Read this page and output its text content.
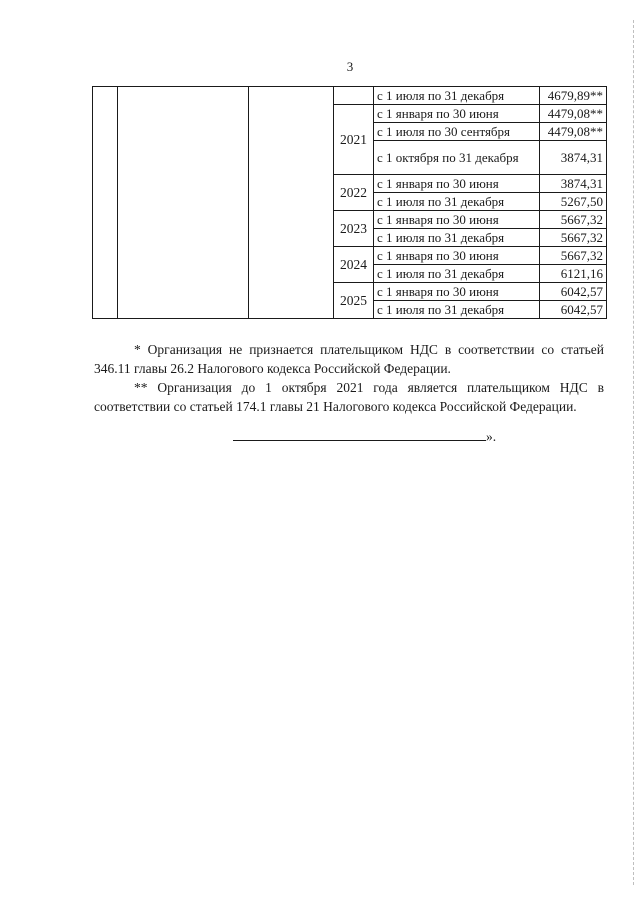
3
				с 1 июля по 31 декабря	4679,89**
			2021	с 1 января по 30 июня	4479,08**
				с 1 июля по 30 сентября	4479,08**
				с 1 октября по 31 декабря	3874,31
			2022	с 1 января по 30 июня	3874,31
				с 1 июля по 31 декабря	5267,50
			2023	с 1 января по 30 июня	5667,32
				с 1 июля по 31 декабря	5667,32
			2024	с 1 января по 30 июня	5667,32
				с 1 июля по 31 декабря	6121,16
			2025	с 1 января по 30 июня	6042,57
				с 1 июля по 31 декабря	6042,57

* Организация не признается плательщиком НДС в соответствии со статьей 346.11 главы 26.2 Налогового кодекса Российской Федерации.

** Организация до 1 октября 2021 года является плательщиком НДС в соответствии со статьей 174.1 главы 21 Налогового кодекса Российской Федерации.

».
